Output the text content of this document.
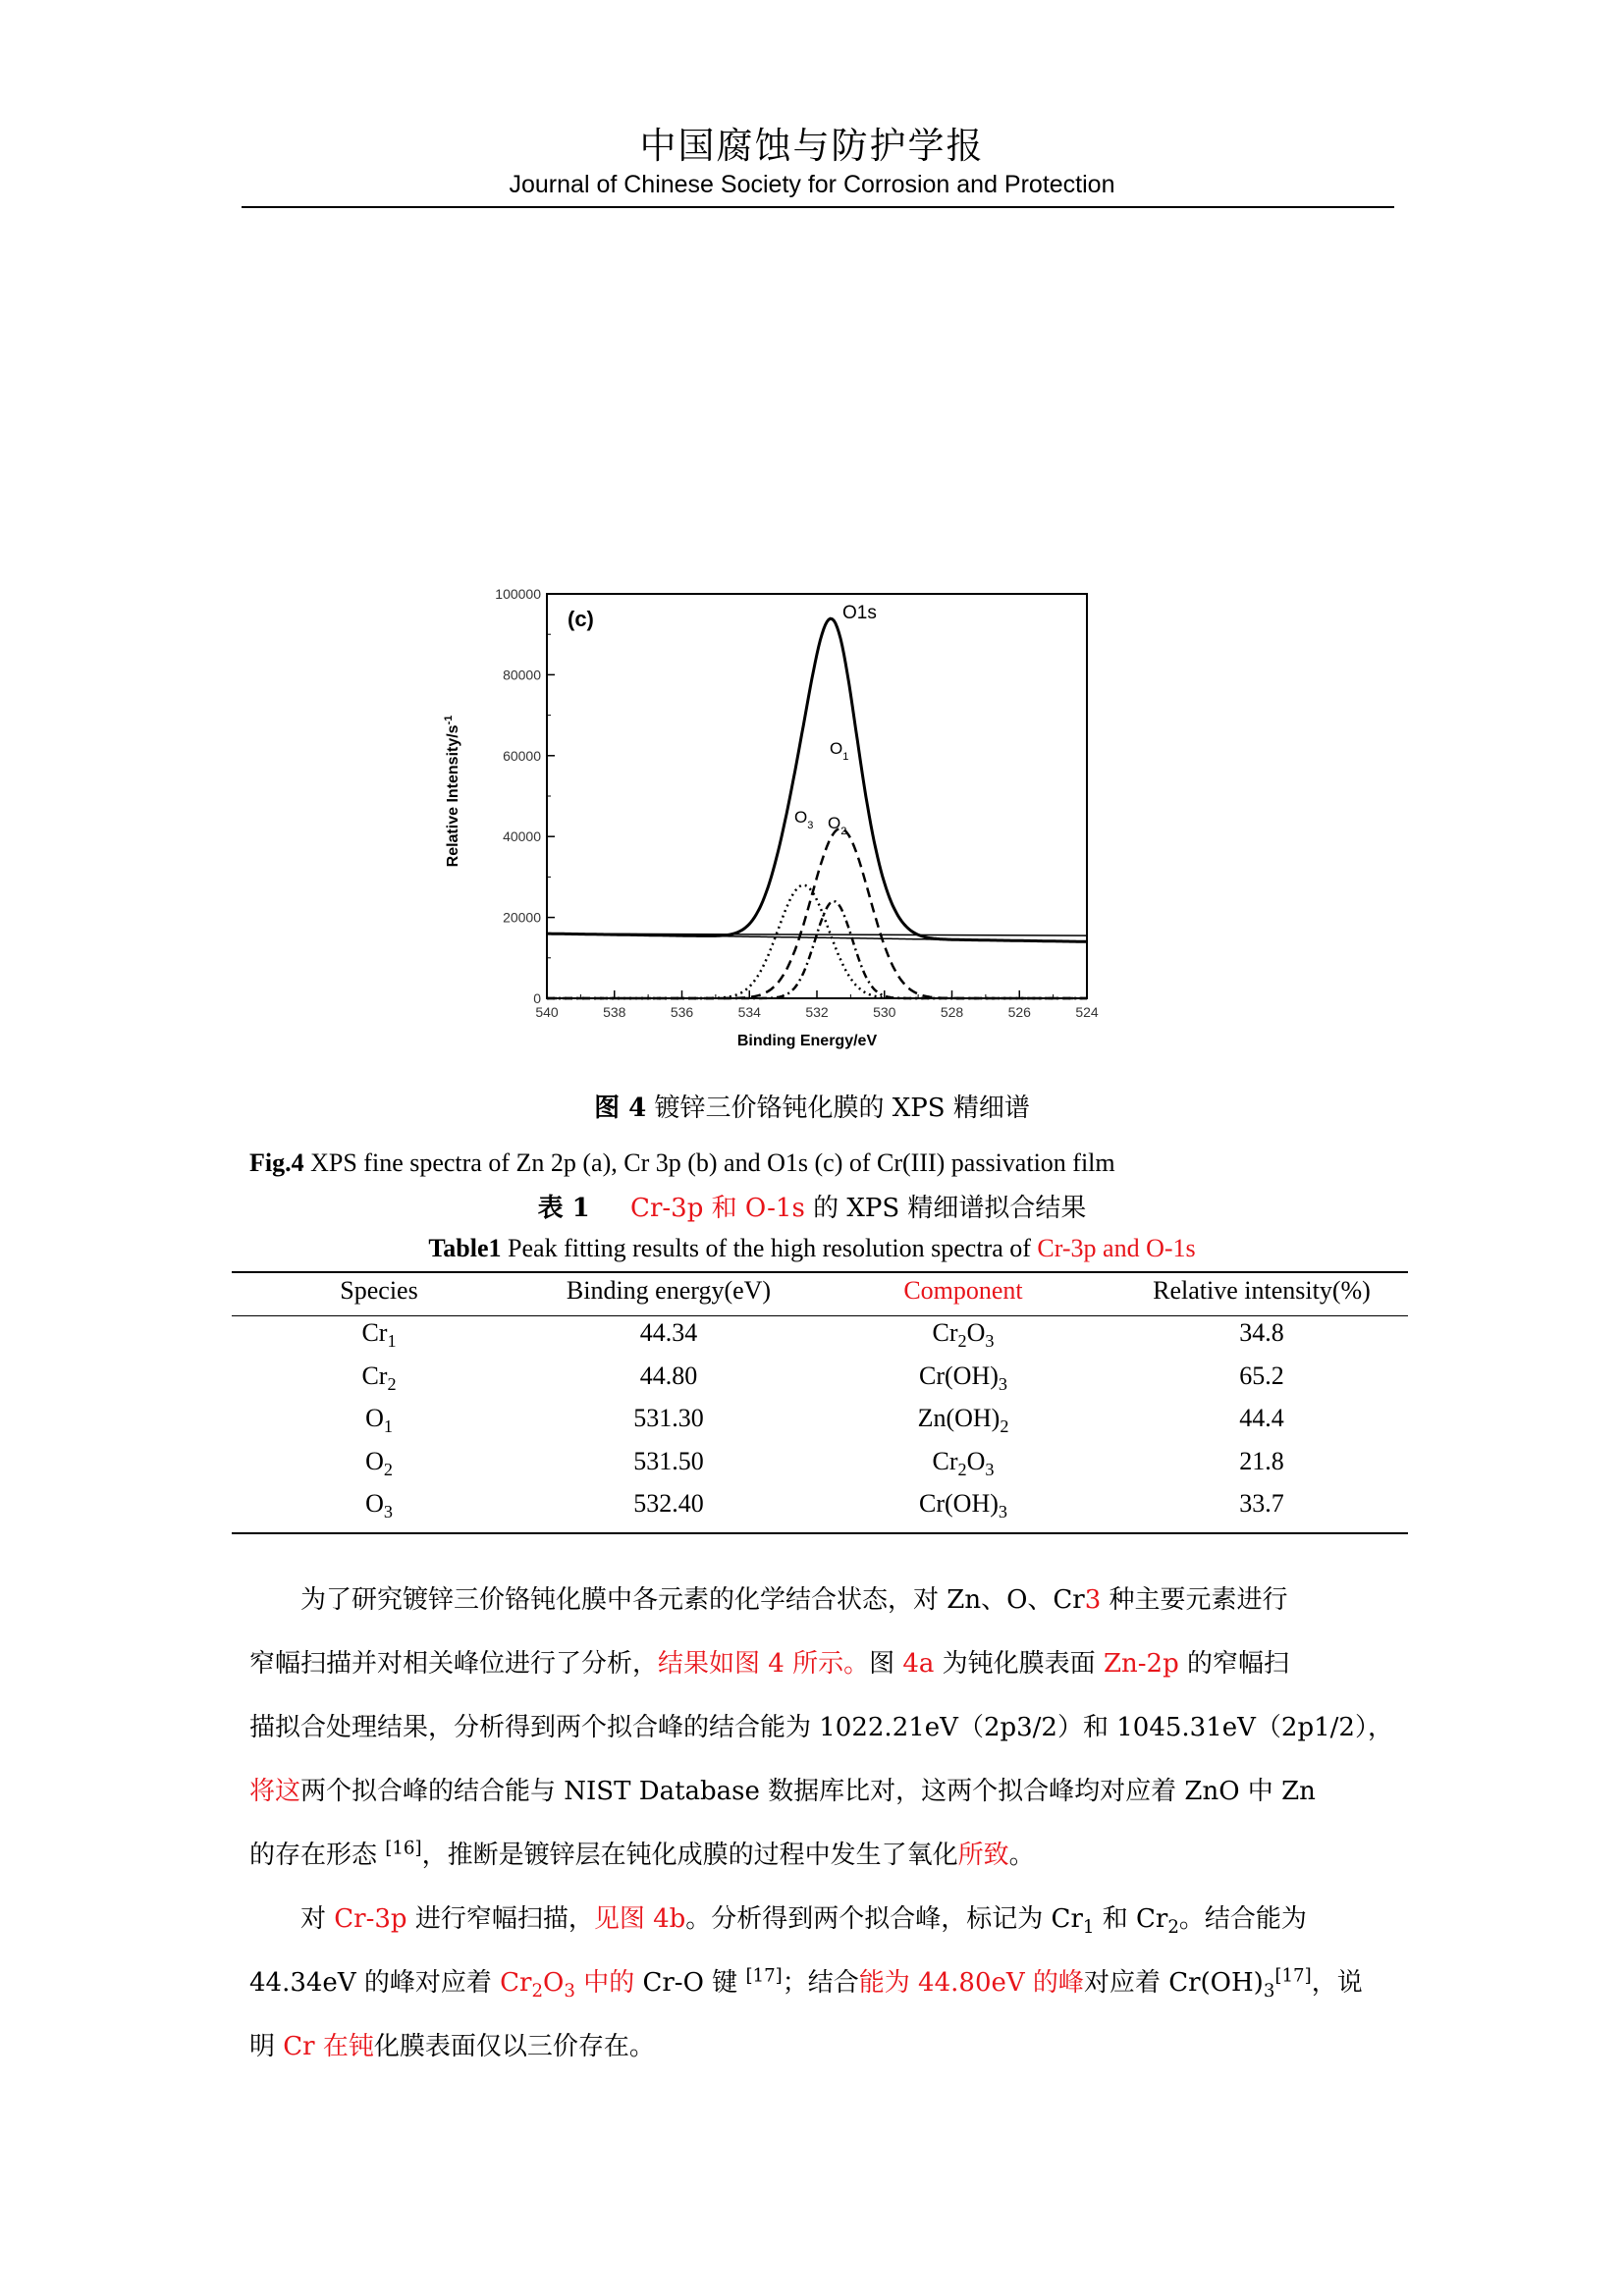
中国腐蚀与防护学报
Journal of Chinese Society for Corrosion and Protection
540	538	536	534	532	530	528	526	524
0
20000
40000
60000
80000
100000
Binding Energy/eV
Relative Intensity/$s^{-1}$
(c)	O1s
$O_1$
$O_2$
$O_3$
图 4 镀锌三价铬钝化膜的 XPS 精细谱
Fig.4 XPS fine spectra of Zn 2p (a), Cr 3p (b) and O1s (c) of Cr(III) passivation film
表 1 Cr-3p 和 O-1s 的 XPS 精细谱拟合结果
Table1 Peak fitting results of the high resolution spectra of Cr-3p and O-1s
Species	Binding energy(eV)	Component	Relative intensity(%)
$Cr_1$	44.34	$Cr_2O_3$	34.8
$Cr_2$	44.80	$Cr(OH)_3$	65.2
$O_1$	531.30	$Zn(OH)_2$	44.4
$O_2$	531.50	$Cr_2O_3$	21.8
$O_3$	532.40	$Cr(OH)_3$	33.7
　　为了研究镀锌三价铬钝化膜中各元素的化学结合状态，对 Zn、O、Cr3 种主要元素进行
窄幅扫描并对相关峰位进行了分析，结果如图 4 所示。图 4a 为钝化膜表面 Zn-2p 的窄幅扫
描拟合处理结果，分析得到两个拟合峰的结合能为 1022.21eV（2p3/2）和 1045.31eV（2p1/2），
将这两个拟合峰的结合能与 NIST Database 数据库比对，这两个拟合峰均对应着 ZnO 中 Zn
的存在形态 [16]，推断是镀锌层在钝化成膜的过程中发生了氧化所致。
　　对 Cr-3p 进行窄幅扫描，见图 4b。分析得到两个拟合峰，标记为 $Cr_1$ 和 $Cr_2$。结合能为
44.34eV 的峰对应着 $Cr_2O_3$ 中的 Cr-O 键 [17]；结合能为 44.80eV 的峰对应着 $Cr(OH)_3[17]$，说
明 Cr 在钝化膜表面仅以三价存在。
